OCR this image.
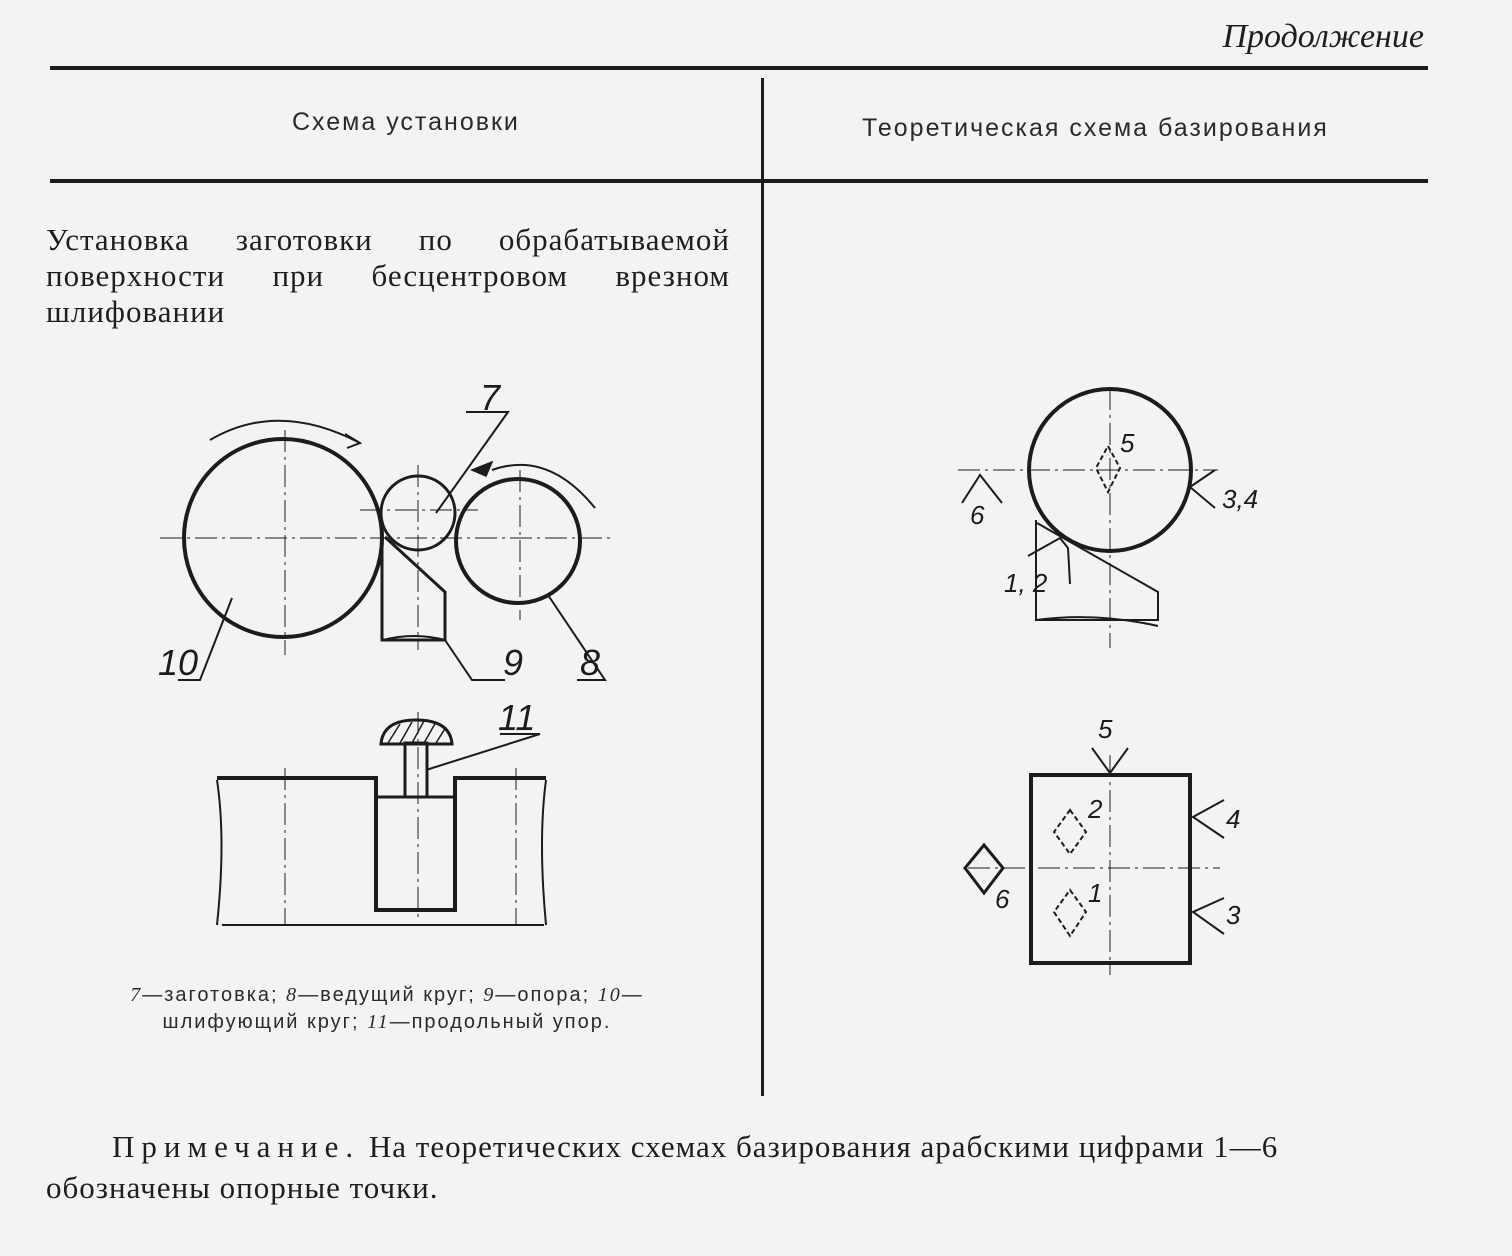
Продолжение
Схема установки	Теоретическая схема базирования
Установка заготовки по обрабатываемой поверхности при бесцентровом врезном шлифовании
7
10	9 8
11
5
6
3,4
1, 2
5
2
1
4
3
6
7—заготовка; 8—ведущий круг; 9—опора; 10—шлифующий круг; 11—продольный упор.
Примечание. На теоретических схемах базирования арабскими цифрами 1—6 обозначены опорные точки.
